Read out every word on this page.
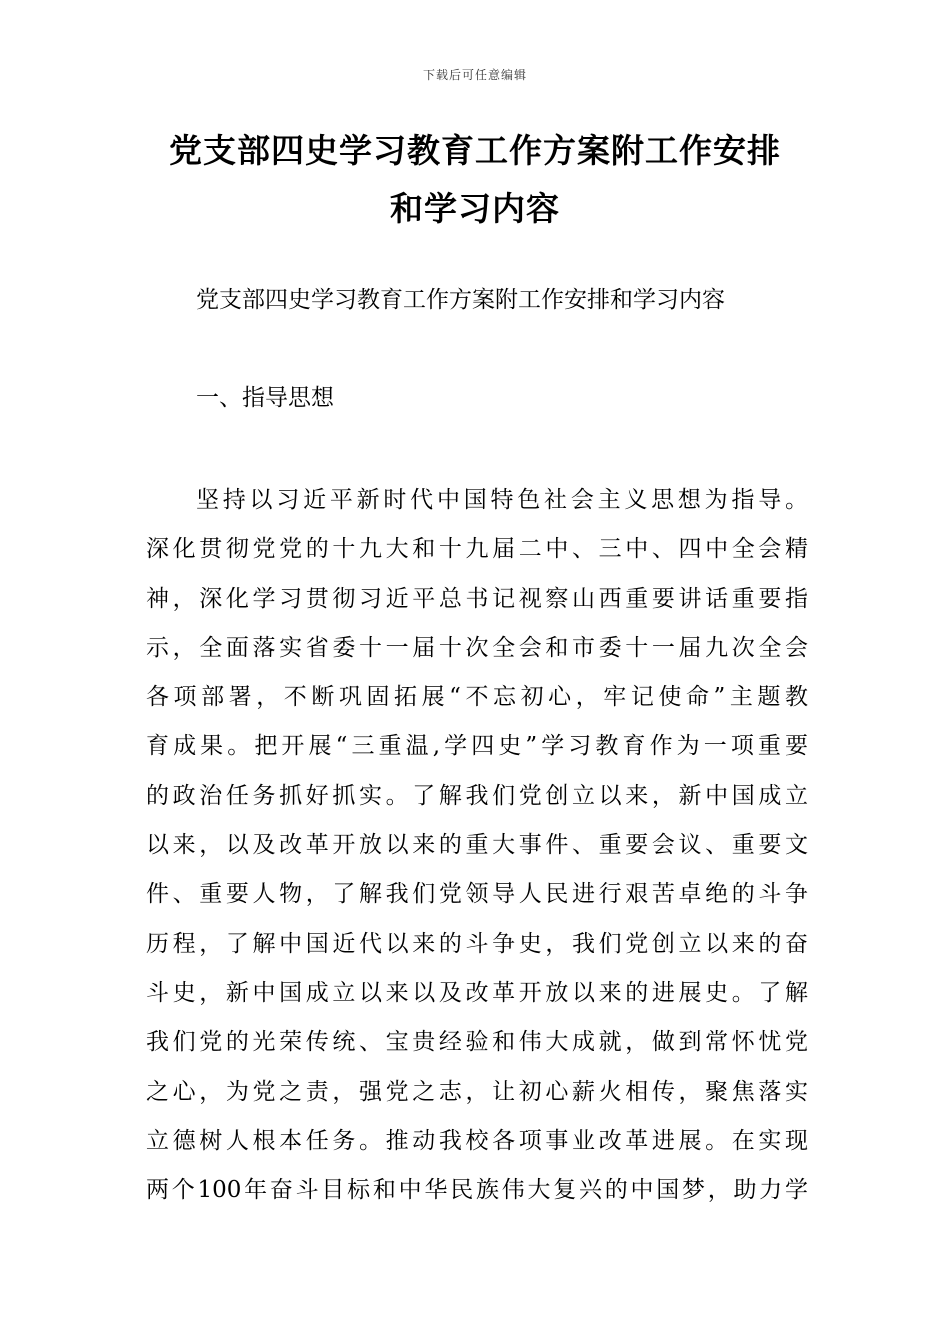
下载后可任意编辑
党支部四史学习教育工作方案附工作安排
和学习内容
党支部四史学习教育工作方案附工作安排和学习内容
一、指导思想
坚持以习近平新时代中国特色社会主义思想为指导。
深化贯彻党党的十九大和十九届二中、三中、四中全会精
神，深化学习贯彻习近平总书记视察山西重要讲话重要指
示，全面落实省委十一届十次全会和市委十一届九次全会
各项部署，不断巩固拓展“不忘初心，牢记使命”主题教
育成果。把开展“三重温,学四史”学习教育作为一项重要
的政治任务抓好抓实。了解我们党创立以来，新中国成立
以来，以及改革开放以来的重大事件、重要会议、重要文
件、重要人物，了解我们党领导人民进行艰苦卓绝的斗争
历程，了解中国近代以来的斗争史，我们党创立以来的奋
斗史，新中国成立以来以及改革开放以来的进展史。了解
我们党的光荣传统、宝贵经验和伟大成就，做到常怀忧党
之心，为党之责，强党之志，让初心薪火相传，聚焦落实
立德树人根本任务。推动我校各项事业改革进展。在实现
两个100年奋斗目标和中华民族伟大复兴的中国梦，助力学
